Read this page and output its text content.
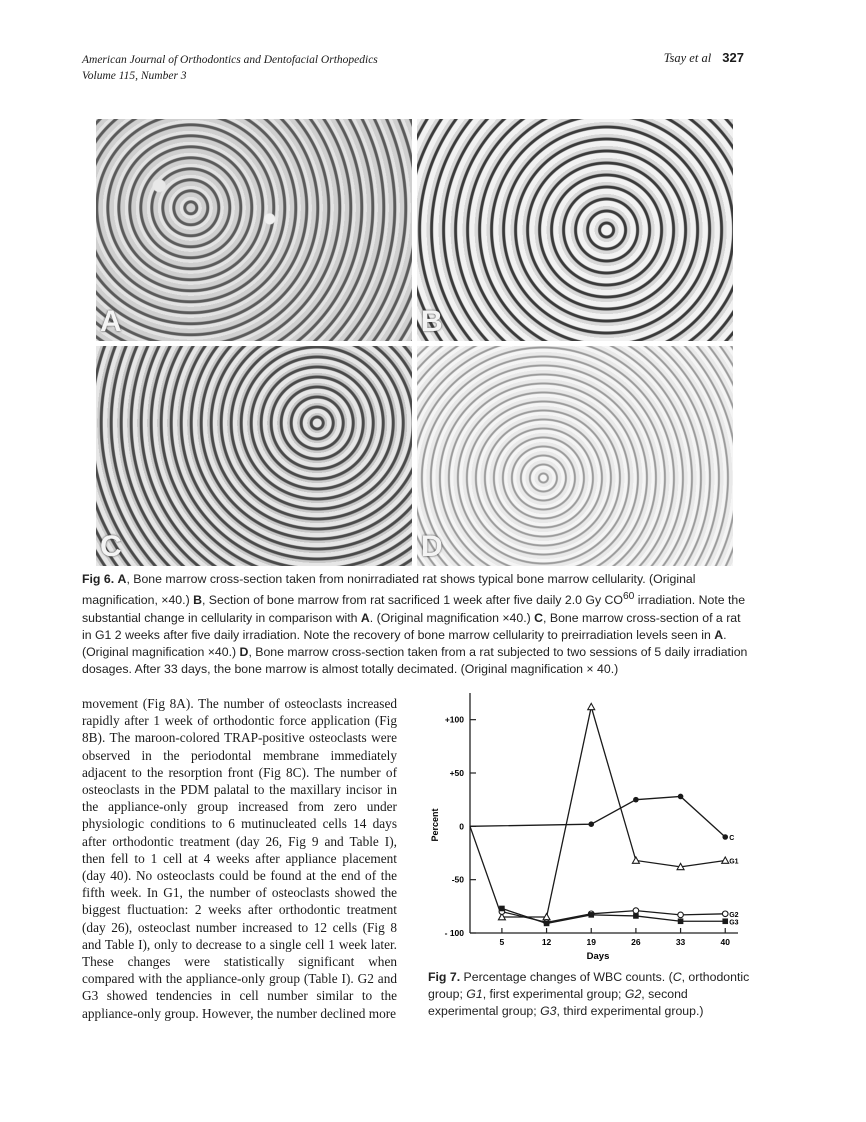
American Journal of Orthodontics and Dentofacial Orthopedics
Volume 115, Number 3
Tsay et al 327
A	B
C	D
Fig 6. A, Bone marrow cross-section taken from nonirradiated rat shows typical bone marrow cellularity. (Original magnification, ×40.) B, Section of bone marrow from rat sacrificed 1 week after five daily 2.0 Gy CO$^{60}$ irradiation. Note the substantial change in cellularity in comparison with A. (Original magnification ×40.) C, Bone marrow cross-section of a rat in G1 2 weeks after five daily irradiation. Note the recovery of bone marrow cellularity to preirradiation levels seen in A. (Original magnification ×40.) D, Bone marrow cross-section taken from a rat subjected to two sessions of 5 daily irradiation dosages. After 33 days, the bone marrow is almost totally decimated. (Original magnification × 40.)
movement (Fig 8A). The number of osteoclasts increased rapidly after 1 week of orthodontic force application (Fig 8B). The maroon-colored TRAP-positive osteoclasts were observed in the periodontal membrane immediately adjacent to the resorption front (Fig 8C). The number of osteoclasts in the PDM palatal to the maxillary incisor in the appliance-only group increased from zero under physiologic conditions to 6 mutinucleated cells 14 days after orthodontic treatment (day 26, Fig 9 and Table I), then fell to 1 cell at 4 weeks after appliance placement (day 40). No osteoclasts could be found at the end of the fifth week. In G1, the number of osteoclasts showed the biggest fluctuation: 2 weeks after orthodontic treatment (day 26), osteoclast number increased to 12 cells (Fig 8 and Table I), only to decrease to a single cell 1 week later. These changes were statistically significant when compared with the appliance-only group (Table I). G2 and G3 showed tendencies in cell number similar to the appliance-only group. However, the number declined more
+100
+50
0
-50
- 100
5	12	19	26	33	40
C
G1
G2
G3
Percent
Days
Fig 7. Percentage changes of WBC counts. (C, orthodontic group; G1, first experimental group; G2, second experimental group; G3, third experimental group.)
